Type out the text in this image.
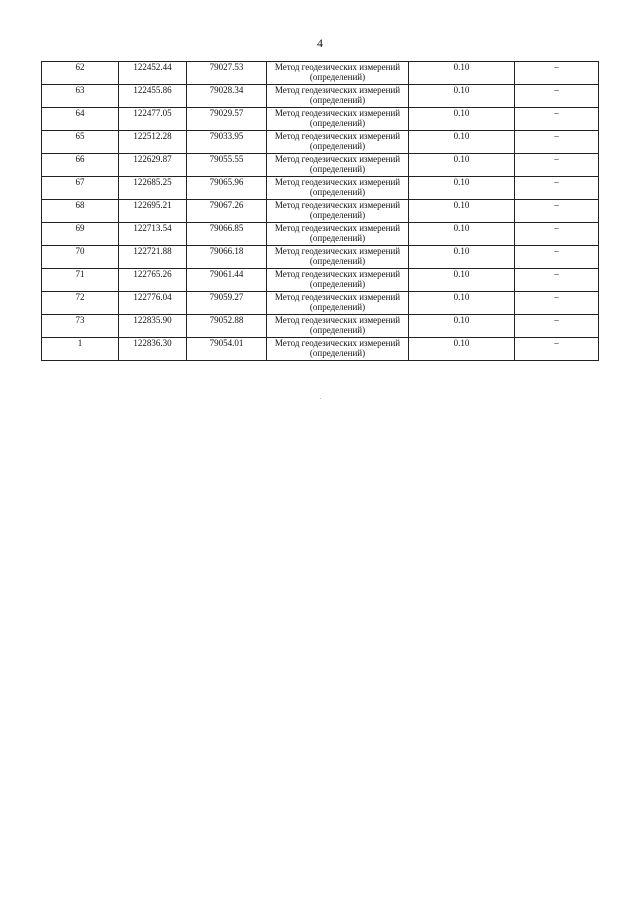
4
62	122452.44	79027.53	Метод геодезических измерений
(определений)	0.10	–
63	122455.86	79028.34	Метод геодезических измерений
(определений)	0.10	–
64	122477.05	79029.57	Метод геодезических измерений
(определений)	0.10	–
65	122512.28	79033.95	Метод геодезических измерений
(определений)	0.10	–
66	122629.87	79055.55	Метод геодезических измерений
(определений)	0.10	–
67	122685.25	79065.96	Метод геодезических измерений
(определений)	0.10	–
68	122695.21	79067.26	Метод геодезических измерений
(определений)	0.10	–
69	122713.54	79066.85	Метод геодезических измерений
(определений)	0.10	–
70	122721.88	79066.18	Метод геодезических измерений
(определений)	0.10	–
71	122765.26	79061.44	Метод геодезических измерений
(определений)	0.10	–
72	122776.04	79059.27	Метод геодезических измерений
(определений)	0.10	–
73	122835.90	79052.88	Метод геодезических измерений
(определений)	0.10	–
1	122836.30	79054.01	Метод геодезических измерений
(определений)	0.10	–
